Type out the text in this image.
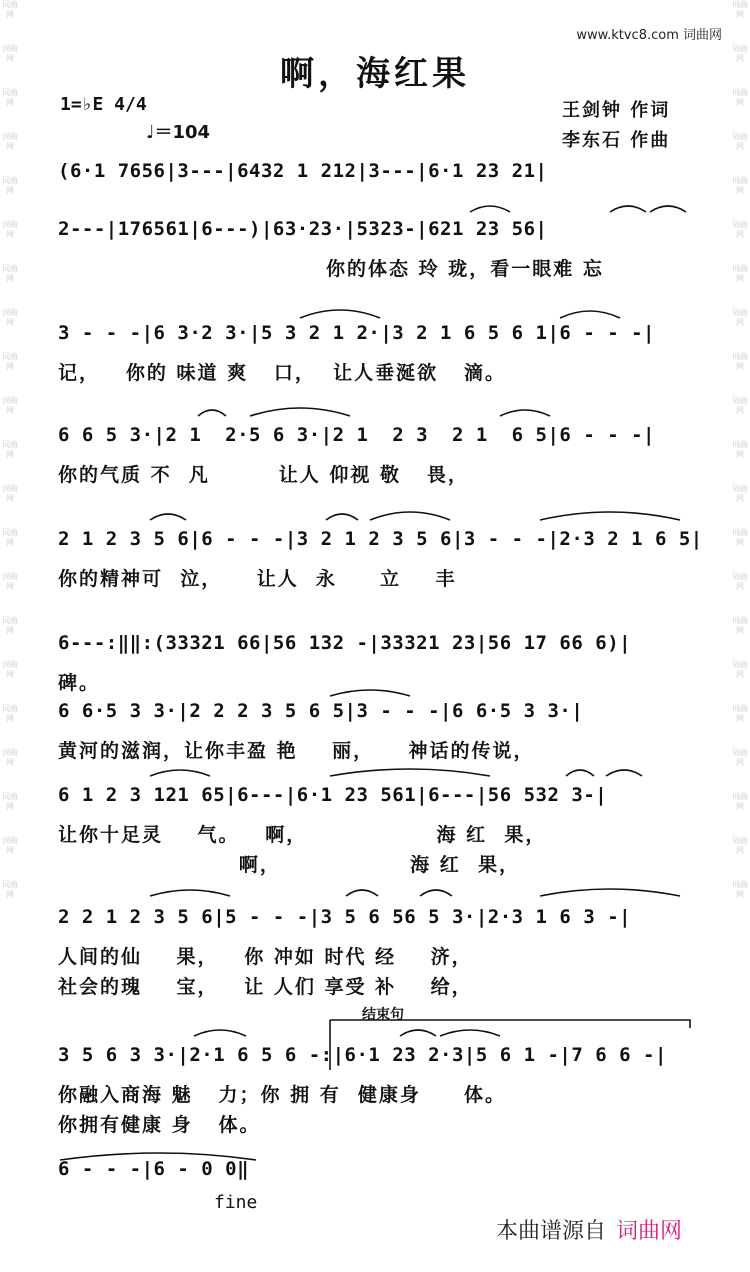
词曲网
词曲网
词曲网
词曲网
词曲网
词曲网
词曲网
词曲网
词曲网
词曲网
词曲网
词曲网
词曲网
词曲网
词曲网
词曲网
词曲网
词曲网
词曲网
词曲网
词曲网
词曲网
词曲网
词曲网
词曲网
词曲网
词曲网
词曲网
词曲网
词曲网
词曲网
词曲网
词曲网
词曲网
词曲网
词曲网
词曲网
词曲网
词曲网
词曲网
词曲网
词曲网
www.ktvc8.com 词曲网
啊，海红果
1=♭E 4/4
♩＝104
王剑钟 作词
李东石 作曲
(6·1 7656|3---|6432 1 212|3---|6·1 23 21|
2---|176561|6---)|63·23·|5323-|621 23 56|
你的体态 玲 珑，看一眼难 忘
3 - - -|6 3·2 3·|5 3 2 1 2·|3 2 1 6 5 6 1|6 - - -|
记，   你的 味道 爽   口，  让人垂涎欲   滴。
6 6 5 3·|2 1  2·5 6 3·|2 1  2 3  2 1  6 5|6 - - -|
你的气质 不  凡        让人 仰视 敬   畏，
2 1 2 3 5 6|6 - - -|3 2 1 2 3 5 6|3 - - -|2·3 2 1 6 5|
你的精神可  泣，    让人  永     立    丰
6---:‖‖:(33321 66|56 132 -|33321 23|56 17 66 6)|
碑。
6 6·5 3 3·|2 2 2 3 5 6 5|3 - - -|6 6·5 3 3·|
黄河的滋润，让你丰盈 艳    丽，    神话的传说，
6 1 2 3 121 65|6---|6·1 23 561|6---|56 532 3-|
让你十足灵    气。   啊，               海 红  果，
啊，               海 红  果，
2 2 1 2 3 5 6|5 - - -|3 5 6 56 5 3·|2·3 1 6 3 -|
人间的仙    果，   你 冲如 时代 经    济，
社会的瑰    宝，   让 人们 享受 补    给，
3 5 6 3 3·|2·1 6 5 6 -:|6·1 23 2·3|5 6 1 -|7 6 6 -|
你融入商海 魅   力；你 拥 有  健康身     体。
你拥有健康 身   体。
6 - - -|6 - 0 0‖
结束句
fine
本曲谱源自 词曲网
